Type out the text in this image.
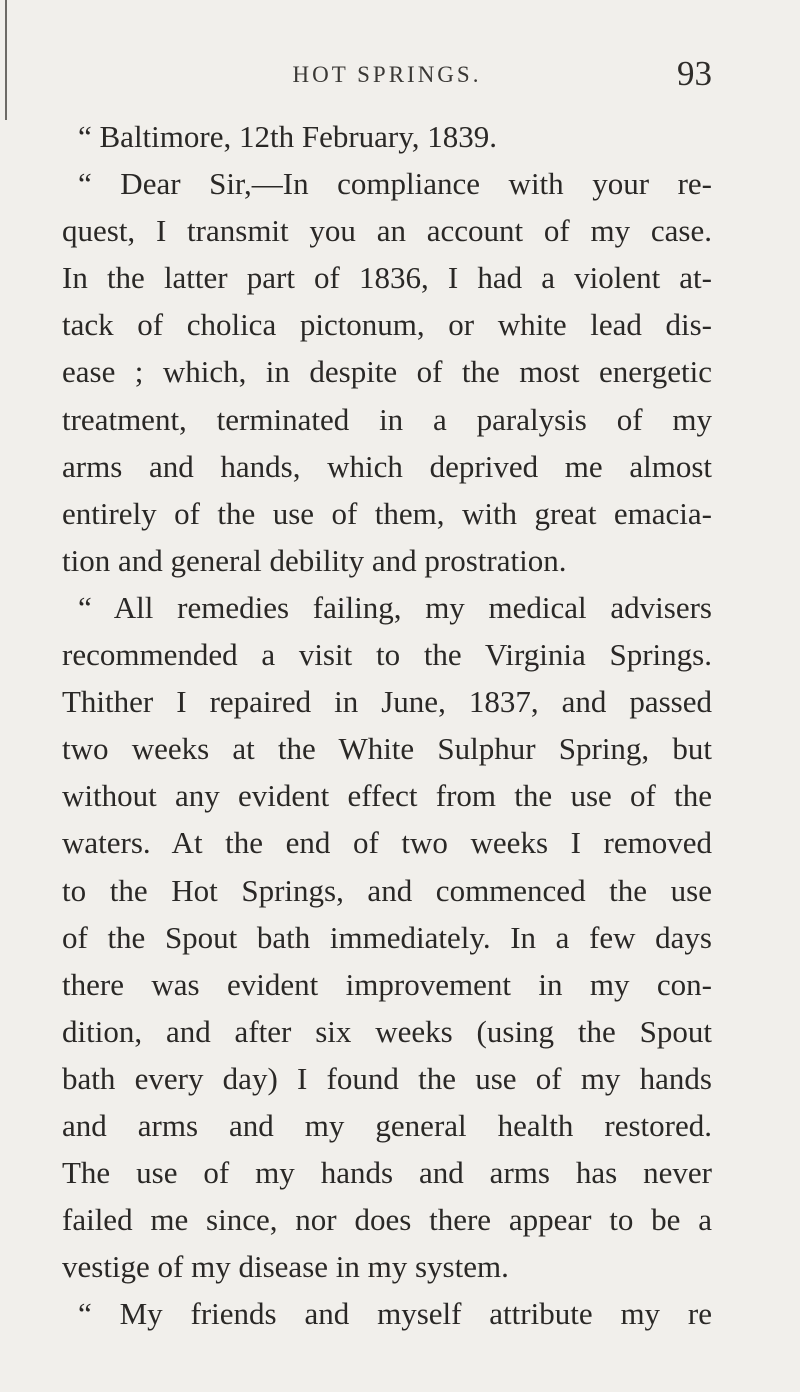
HOT SPRINGS.	93
“ Baltimore, 12th February, 1839.
“ Dear Sir,—In compliance with your re-
quest, I transmit you an account of my case.
In the latter part of 1836, I had a violent at-
tack of cholica pictonum, or white lead dis-
ease ; which, in despite of the most energetic
treatment, terminated in a paralysis of my
arms and hands, which deprived me almost
entirely of the use of them, with great emacia-
tion and general debility and prostration.
“ All remedies failing, my medical advisers
recommended a visit to the Virginia Springs.
Thither I repaired in June, 1837, and passed
two weeks at the White Sulphur Spring, but
without any evident effect from the use of the
waters. At the end of two weeks I removed
to the Hot Springs, and commenced the use
of the Spout bath immediately. In a few days
there was evident improvement in my con-
dition, and after six weeks (using the Spout
bath every day) I found the use of my hands
and arms and my general health restored.
The use of my hands and arms has never
failed me since, nor does there appear to be a
vestige of my disease in my system.
“ My friends and myself attribute my re
